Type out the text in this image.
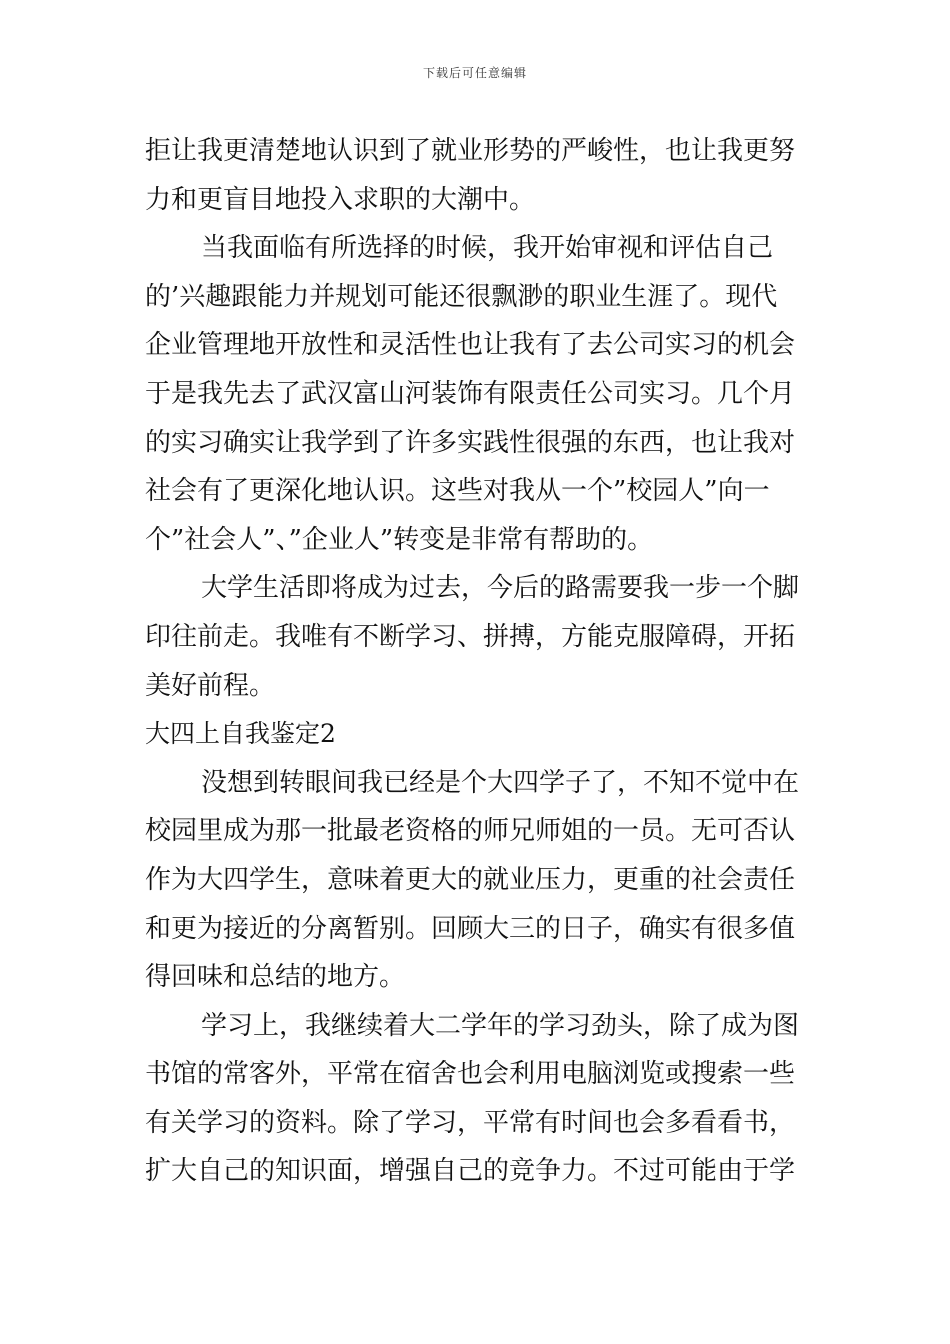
下载后可任意编辑
拒让我更清楚地认识到了就业形势的严峻性，也让我更努
力和更盲目地投入求职的大潮中。
当我面临有所选择的时候，我开始审视和评估自己
的’兴趣跟能力并规划可能还很飘渺的职业生涯了。现代
企业管理地开放性和灵活性也让我有了去公司实习的机会
于是我先去了武汉富山河装饰有限责任公司实习。几个月
的实习确实让我学到了许多实践性很强的东西，也让我对
社会有了更深化地认识。这些对我从一个”校园人”向一
个”社会人”、”企业人”转变是非常有帮助的。
大学生活即将成为过去，今后的路需要我一步一个脚
印往前走。我唯有不断学习、拼搏，方能克服障碍，开拓
美好前程。
大四上自我鉴定2
没想到转眼间我已经是个大四学子了，不知不觉中在
校园里成为那一批最老资格的师兄师姐的一员。无可否认
作为大四学生，意味着更大的就业压力，更重的社会责任
和更为接近的分离暂别。回顾大三的日子，确实有很多值
得回味和总结的地方。
学习上，我继续着大二学年的学习劲头，除了成为图
书馆的常客外，平常在宿舍也会利用电脑浏览或搜索一些
有关学习的资料。除了学习，平常有时间也会多看看书，
扩大自己的知识面，增强自己的竞争力。不过可能由于学
